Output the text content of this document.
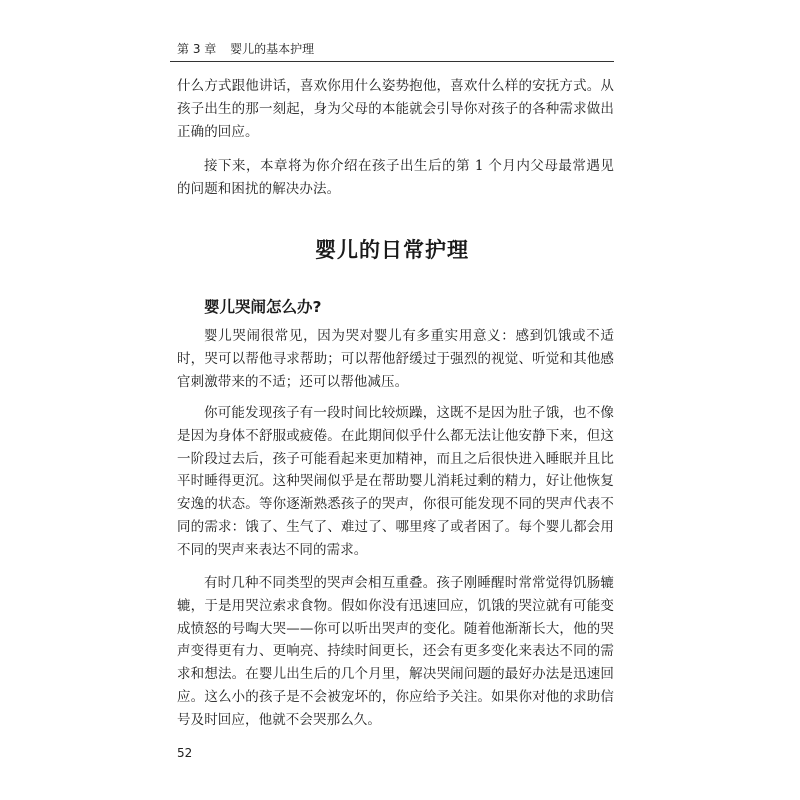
第 3 章 婴儿的基本护理

什么方式跟他讲话，喜欢你用什么姿势抱他，喜欢什么样的安抚方式。从孩子出生的那一刻起，身为父母的本能就会引导你对孩子的各种需求做出正确的回应。

接下来，本章将为你介绍在孩子出生后的第 1 个月内父母最常遇见的问题和困扰的解决办法。

婴儿的日常护理
婴儿哭闹怎么办?

婴儿哭闹很常见，因为哭对婴儿有多重实用意义：感到饥饿或不适时，哭可以帮他寻求帮助；可以帮他舒缓过于强烈的视觉、听觉和其他感官刺激带来的不适；还可以帮他减压。

你可能发现孩子有一段时间比较烦躁，这既不是因为肚子饿，也不像是因为身体不舒服或疲倦。在此期间似乎什么都无法让他安静下来，但这一阶段过去后，孩子可能看起来更加精神，而且之后很快进入睡眠并且比平时睡得更沉。这种哭闹似乎是在帮助婴儿消耗过剩的精力，好让他恢复安逸的状态。等你逐渐熟悉孩子的哭声，你很可能发现不同的哭声代表不同的需求：饿了、生气了、难过了、哪里疼了或者困了。每个婴儿都会用不同的哭声来表达不同的需求。

有时几种不同类型的哭声会相互重叠。孩子刚睡醒时常常觉得饥肠辘辘，于是用哭泣索求食物。假如你没有迅速回应，饥饿的哭泣就有可能变成愤怒的号啕大哭——你可以听出哭声的变化。随着他渐渐长大，他的哭声变得更有力、更响亮、持续时间更长，还会有更多变化来表达不同的需求和想法。在婴儿出生后的几个月里，解决哭闹问题的最好办法是迅速回应。这么小的孩子是不会被宠坏的，你应给予关注。如果你对他的求助信号及时回应，他就不会哭那么久。

52
